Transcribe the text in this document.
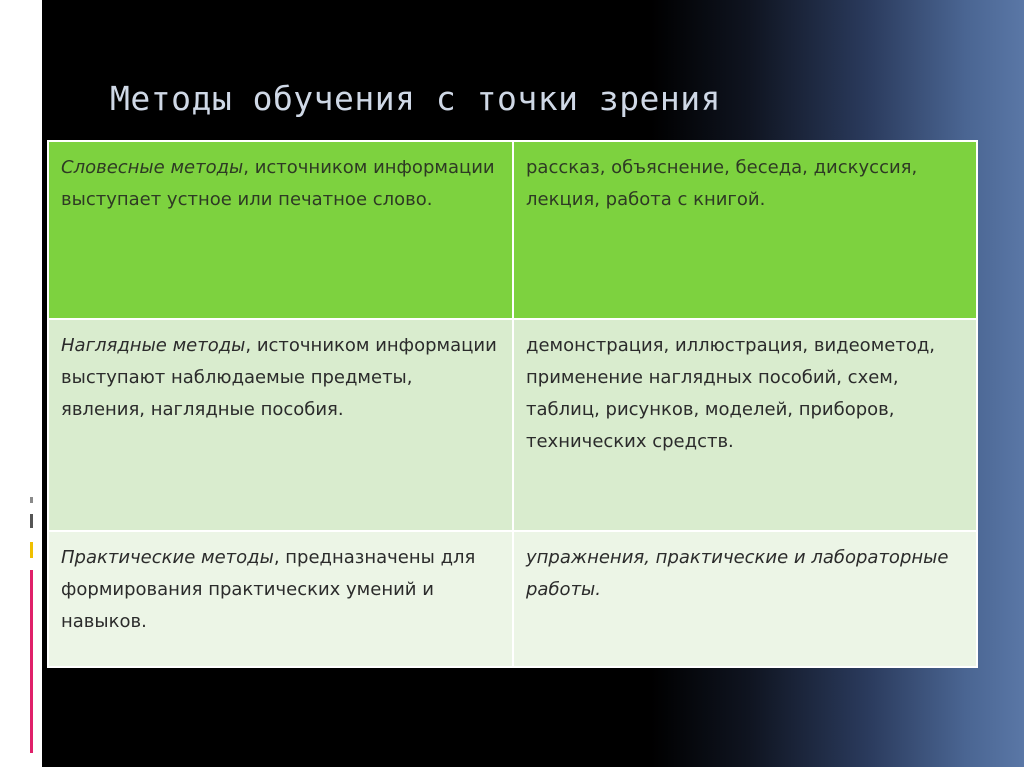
Методы обучения с точки зрения
Словесные методы, источником информации выступает устное или печатное слово.	рассказ, объяснение, беседа, дискуссия, лекция, работа с книгой.
Наглядные методы, источником информации выступают наблюдаемые предметы, явления, наглядные пособия.	демонстрация, иллюстрация, видеометод, применение наглядных пособий, схем, таблиц, рисунков, моделей, приборов, технических средств.
Практические методы, предназначены для формирования практических умений и навыков.	упражнения, практические и лабораторные работы.
